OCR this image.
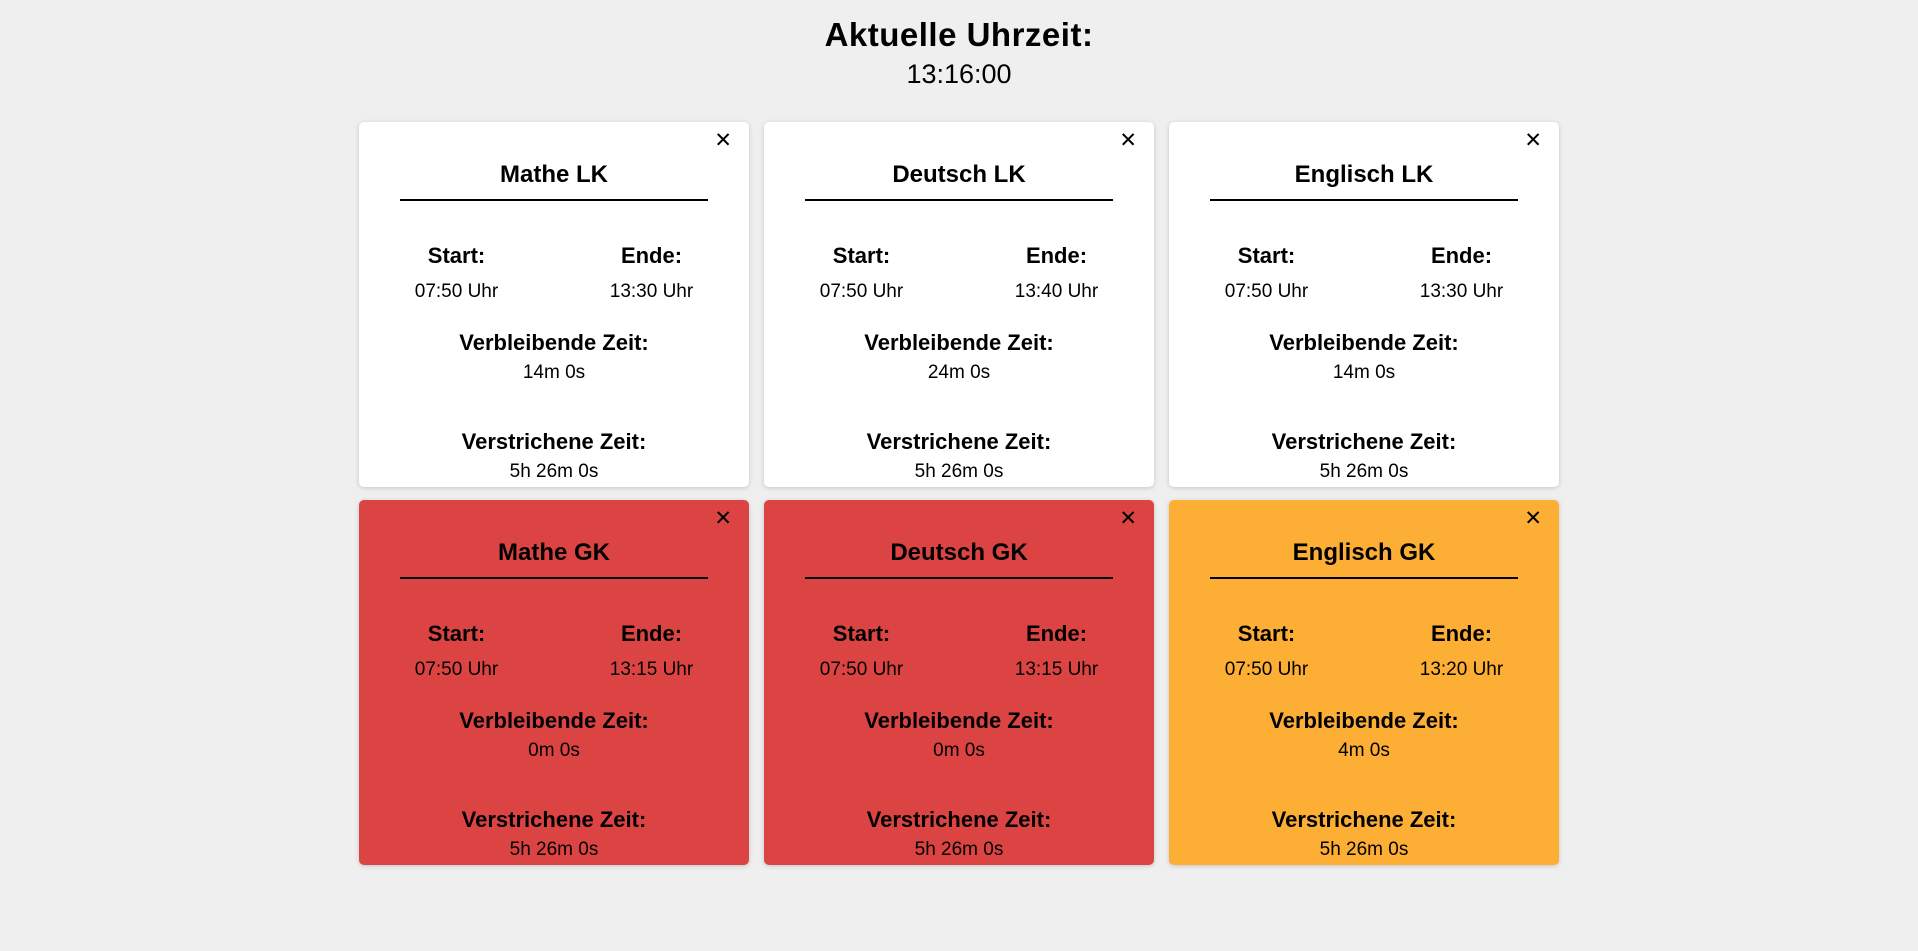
Aktuelle Uhrzeit:
13:16:00
✕
Mathe LK
Start:
07:50 Uhr
Ende:
13:30 Uhr
Verbleibende Zeit:
14m 0s
Verstrichene Zeit:
5h 26m 0s
✕
Deutsch LK
Start:
07:50 Uhr
Ende:
13:40 Uhr
Verbleibende Zeit:
24m 0s
Verstrichene Zeit:
5h 26m 0s
✕
Englisch LK
Start:
07:50 Uhr
Ende:
13:30 Uhr
Verbleibende Zeit:
14m 0s
Verstrichene Zeit:
5h 26m 0s
✕
Mathe GK
Start:
07:50 Uhr
Ende:
13:15 Uhr
Verbleibende Zeit:
0m 0s
Verstrichene Zeit:
5h 26m 0s
✕
Deutsch GK
Start:
07:50 Uhr
Ende:
13:15 Uhr
Verbleibende Zeit:
0m 0s
Verstrichene Zeit:
5h 26m 0s
✕
Englisch GK
Start:
07:50 Uhr
Ende:
13:20 Uhr
Verbleibende Zeit:
4m 0s
Verstrichene Zeit:
5h 26m 0s
